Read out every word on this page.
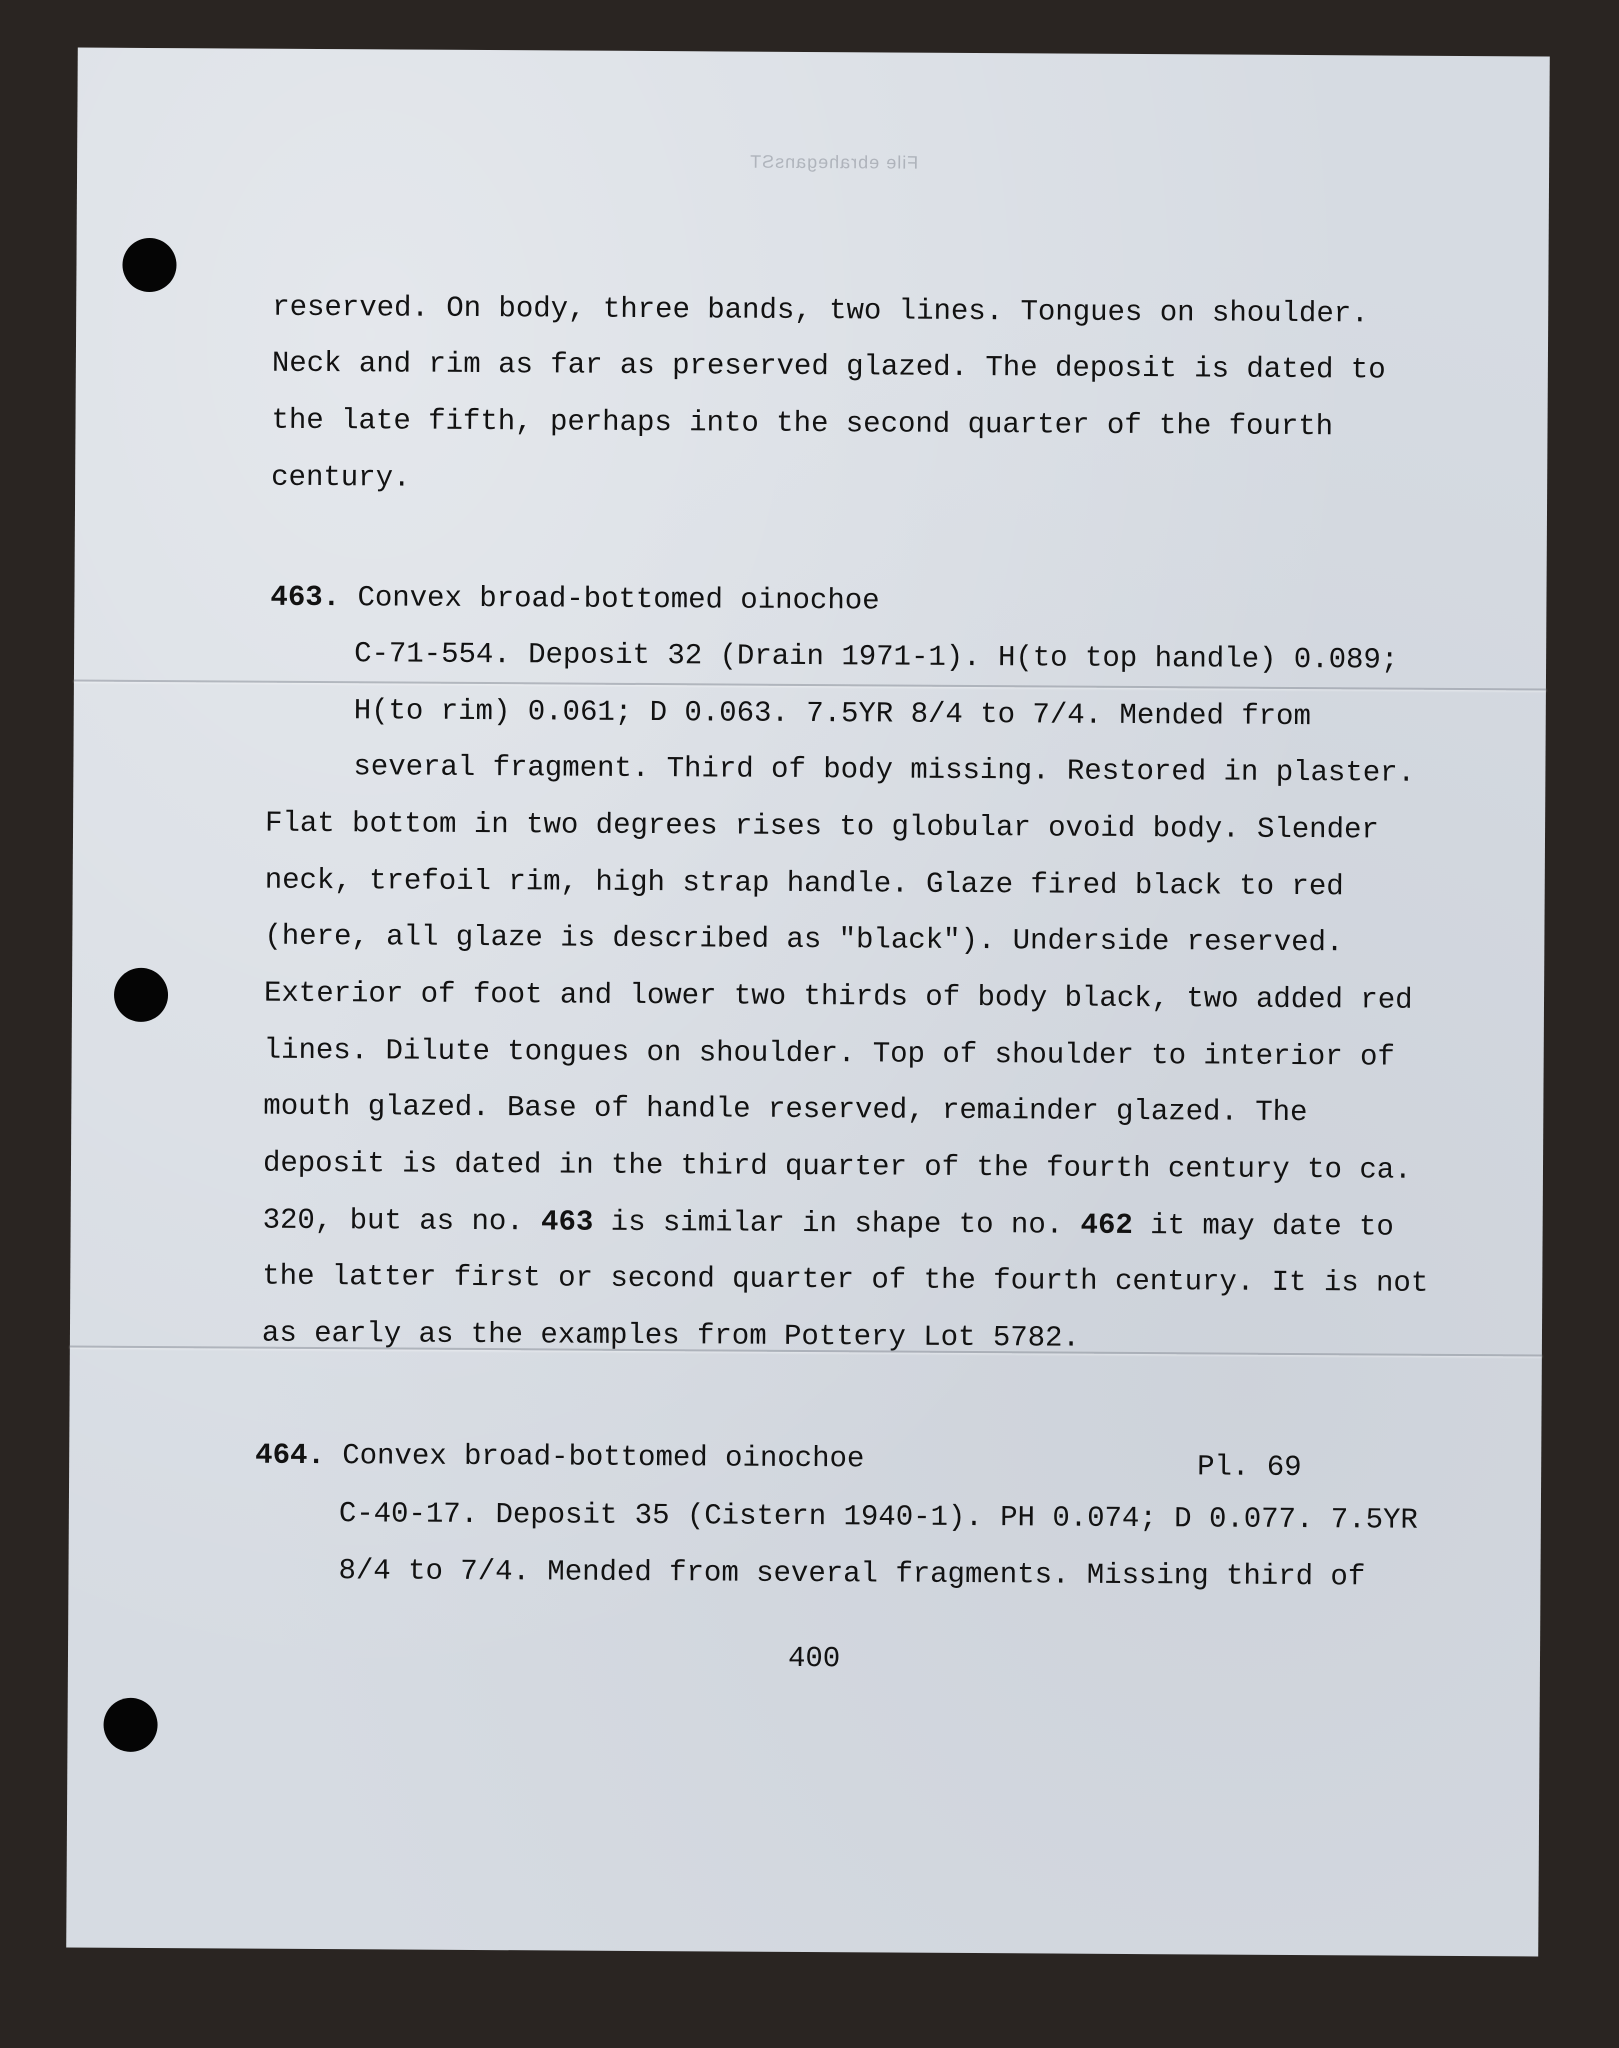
File ebrahegansST
reserved. On body, three bands, two lines. Tongues on shoulder.
Neck and rim as far as preserved glazed. The deposit is dated to
the late fifth, perhaps into the second quarter of the fourth
century.
463. Convex broad-bottomed oinochoe
C-71-554. Deposit 32 (Drain 1971-1). H(to top handle) 0.089;
H(to rim) 0.061; D 0.063. 7.5YR 8/4 to 7/4. Mended from
several fragment. Third of body missing. Restored in plaster.
Flat bottom in two degrees rises to globular ovoid body. Slender
neck, trefoil rim, high strap handle. Glaze fired black to red
(here, all glaze is described as "black"). Underside reserved.
Exterior of foot and lower two thirds of body black, two added red
lines. Dilute tongues on shoulder. Top of shoulder to interior of
mouth glazed. Base of handle reserved, remainder glazed. The
deposit is dated in the third quarter of the fourth century to ca.
320, but as no. 463 is similar in shape to no. 462 it may date to
the latter first or second quarter of the fourth century. It is not
as early as the examples from Pottery Lot 5782.
464. Convex broad-bottomed oinochoe	Pl. 69
C-40-17. Deposit 35 (Cistern 1940-1). PH 0.074; D 0.077. 7.5YR
8/4 to 7/4. Mended from several fragments. Missing third of
400
